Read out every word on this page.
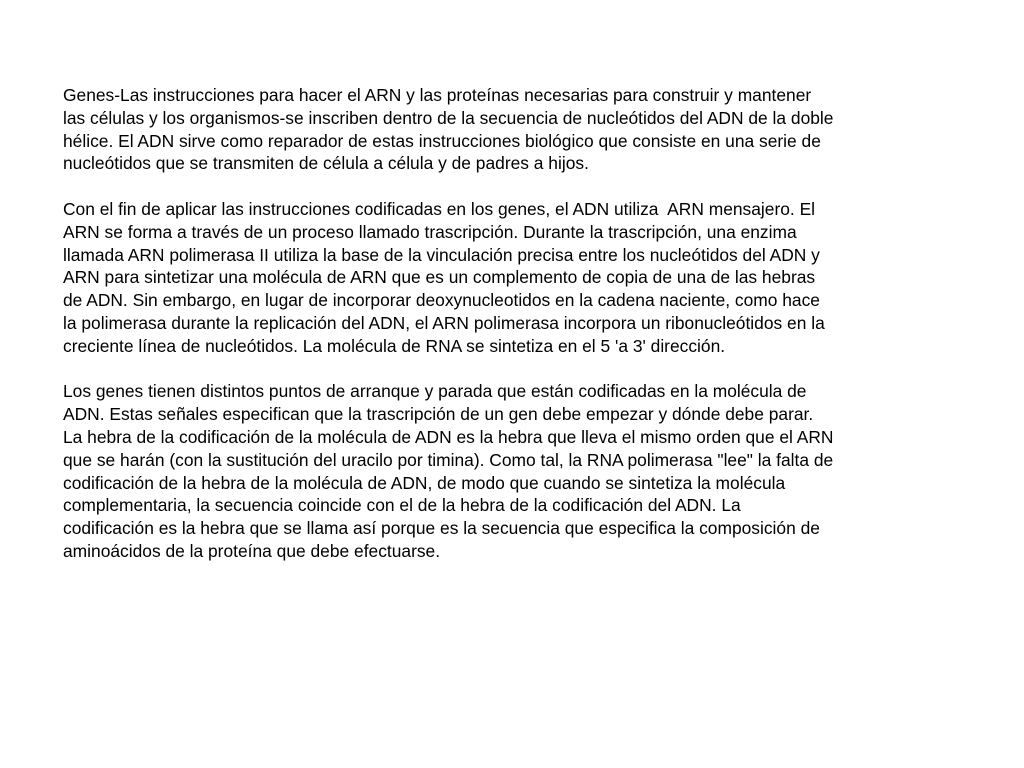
Genes-Las instrucciones para hacer el ARN y las proteínas necesarias para construir y mantener
las células y los organismos-se inscriben dentro de la secuencia de nucleótidos del ADN de la doble
hélice. El ADN sirve como reparador de estas instrucciones biológico que consiste en una serie de
nucleótidos que se transmiten de célula a célula y de padres a hijos.
Con el fin de aplicar las instrucciones codificadas en los genes, el ADN utiliza  ARN mensajero. El
ARN se forma a través de un proceso llamado trascripción. Durante la trascripción, una enzima
llamada ARN polimerasa II utiliza la base de la vinculación precisa entre los nucleótidos del ADN y
ARN para sintetizar una molécula de ARN que es un complemento de copia de una de las hebras
de ADN. Sin embargo, en lugar de incorporar deoxynucleotidos en la cadena naciente, como hace
la polimerasa durante la replicación del ADN, el ARN polimerasa incorpora un ribonucleótidos en la
creciente línea de nucleótidos. La molécula de RNA se sintetiza en el 5 'a 3' dirección.
Los genes tienen distintos puntos de arranque y parada que están codificadas en la molécula de
ADN. Estas señales especifican que la trascripción de un gen debe empezar y dónde debe parar.
La hebra de la codificación de la molécula de ADN es la hebra que lleva el mismo orden que el ARN
que se harán (con la sustitución del uracilo por timina). Como tal, la RNA polimerasa "lee" la falta de
codificación de la hebra de la molécula de ADN, de modo que cuando se sintetiza la molécula
complementaria, la secuencia coincide con el de la hebra de la codificación del ADN. La
codificación es la hebra que se llama así porque es la secuencia que especifica la composición de
aminoácidos de la proteína que debe efectuarse.
